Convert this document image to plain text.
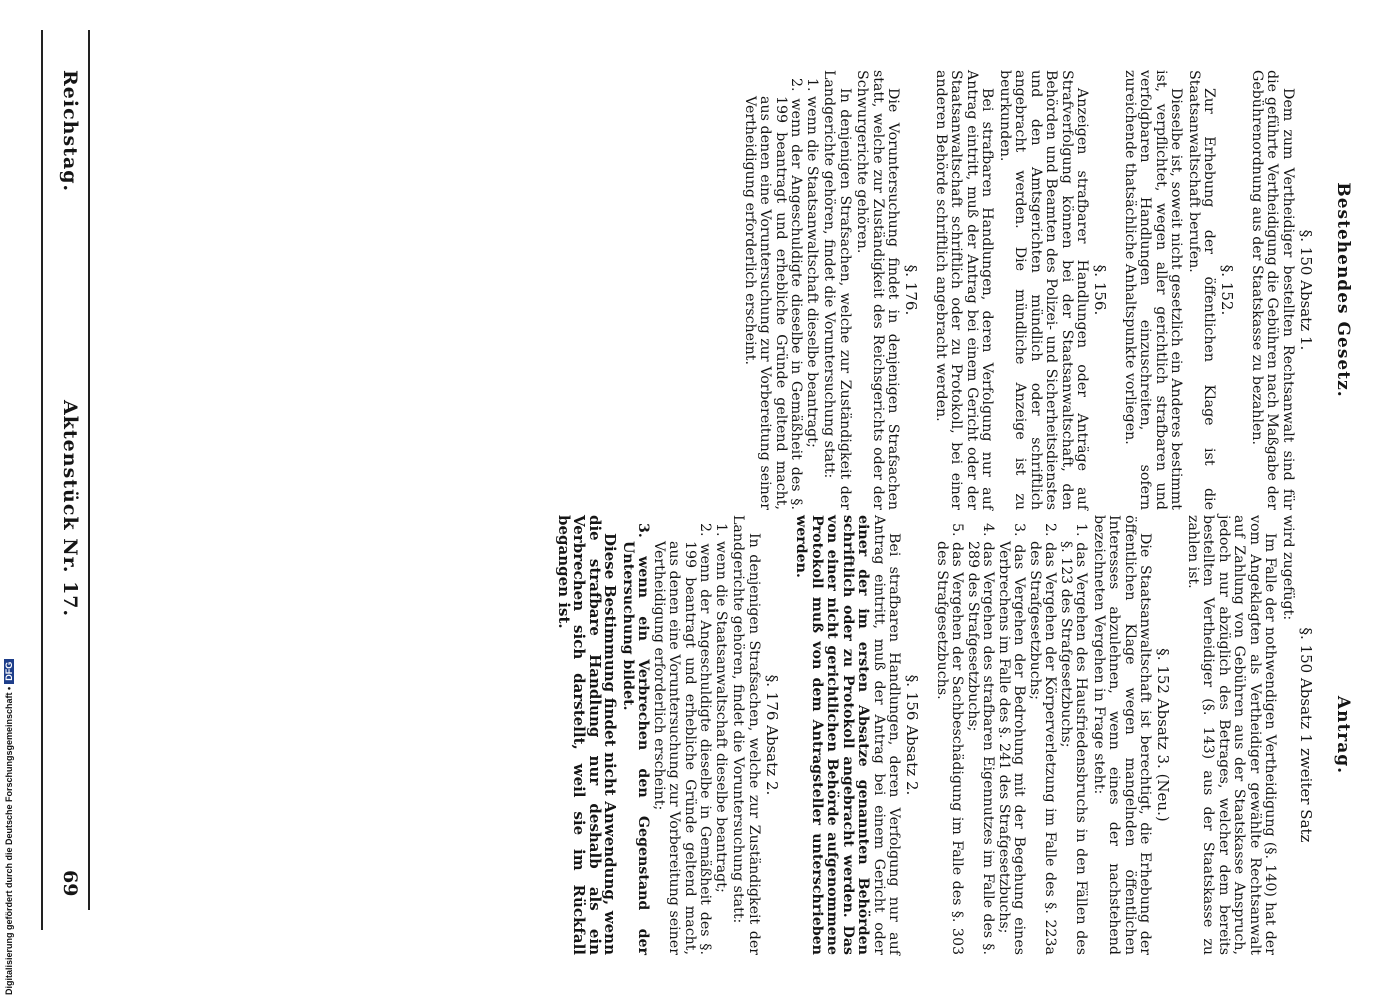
Digitalisierung gefördert durch die Deutsche Forschungsgemeinschaft •DFG
Reichstag.
Aktenstück Nr. 17.
69
Bestehendes Gesetz.
§. 150 Absatz 1.

Dem zum Vertheidiger bestellten Rechtsanwalt sind für die geführte Vertheidigung die Gebühren nach Maßgabe der Gebührenordnung aus der Staatskasse zu bezahlen.

§. 152.

Zur Erhebung der öffentlichen Klage ist die Staatsanwaltschaft berufen.

Dieselbe ist, soweit nicht gesetzlich ein Anderes bestimmt ist, verpflichtet, wegen aller gerichtlich strafbaren und verfolgbaren Handlungen einzuschreiten, sofern zureichende thatsächliche Anhaltspunkte vorliegen.

§. 156.

Anzeigen strafbarer Handlungen oder Anträge auf Strafverfolgung können bei der Staatsanwaltschaft, den Behörden und Beamten des Polizei- und Sicherheitsdienstes und den Amtsgerichten mündlich oder schriftlich angebracht werden. Die mündliche Anzeige ist zu beurkunden.

Bei strafbaren Handlungen, deren Verfolgung nur auf Antrag eintritt, muß der Antrag bei einem Gericht oder der Staatsanwaltschaft schriftlich oder zu Protokoll, bei einer anderen Behörde schriftlich angebracht werden.

§. 176.

Die Voruntersuchung findet in denjenigen Strafsachen statt, welche zur Zuständigkeit des Reichsgerichts oder der Schwurgerichte gehören.

In denjenigen Strafsachen, welche zur Zuständigkeit der Landgerichte gehören, findet die Voruntersuchung statt:

1. wenn die Staatsanwaltschaft dieselbe beantragt;
2. wenn der Angeschuldigte dieselbe in Gemäßheit des §. 199 beantragt und erhebliche Gründe geltend macht, aus denen eine Voruntersuchung zur Vorbereitung seiner Vertheidigung erforderlich erscheint.
Antrag.
§. 150 Absatz 1 zweiter Satz

wird zugefügt:

Im Falle der nothwendigen Vertheidigung (§. 140) hat der vom Angeklagten als Vertheidiger gewählte Rechtsanwalt auf Zahlung von Gebühren aus der Staatskasse Anspruch, jedoch nur abzüglich des Betrages, welcher dem bereits bestellten Vertheidiger (§. 143) aus der Staatskasse zu zahlen ist.

§. 152 Absatz 3. (Neu.)

Die Staatsanwaltschaft ist berechtigt, die Erhebung der öffentlichen Klage wegen mangelnden öffentlichen Interesses abzulehnen, wenn eines der nachstehend bezeichneten Vergehen in Frage steht:

1. das Vergehen des Hausfriedensbruchs in den Fällen des §. 123 des Strafgesetzbuchs;
2. das Vergehen der Körperverletzung im Falle des §. 223a des Strafgesetzbuchs;
3. das Vergehen der Bedrohung mit der Begehung eines Verbrechens im Falle des §. 241 des Strafgesetzbuchs;
4. das Vergehen des strafbaren Eigennutzes im Falle des §. 289 des Strafgesetzbuchs;
5. das Vergehen der Sachbeschädigung im Falle des §. 303 des Strafgesetzbuchs.
§. 156 Absatz 2.

Bei strafbaren Handlungen, deren Verfolgung nur auf Antrag eintritt, muß der Antrag bei einem Gericht oder einer der im ersten Absatze genannten Behörden schriftlich oder zu Protokoll angebracht werden. Das von einer nicht gerichtlichen Behörde aufgenommene Protokoll muß von dem Antragsteller unterschrieben werden.

§. 176 Absatz 2.

In denjenigen Strafsachen, welche zur Zuständigkeit der Landgerichte gehören, findet die Voruntersuchung statt:

1. wenn die Staatsanwaltschaft dieselbe beantragt;
2. wenn der Angeschuldigte dieselbe in Gemäßheit des §. 199 beantragt und erhebliche Gründe geltend macht, aus denen eine Voruntersuchung zur Vorbereitung seiner Vertheidigung erforderlich erscheint;
3. wenn ein Verbrechen den Gegenstand der Untersuchung bildet.

Diese Bestimmung findet nicht Anwendung, wenn die strafbare Handlung nur deshalb als ein Verbrechen sich darstellt, weil sie im Rückfall begangen ist.
